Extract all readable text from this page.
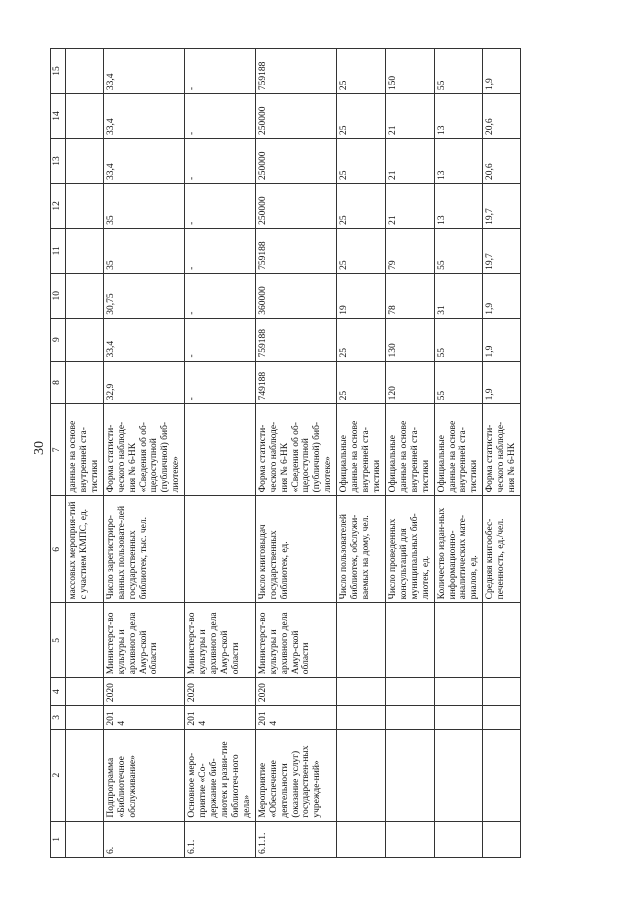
30
1	2	3	4	5	6	7	8	9	10	11	12	13	14	15
					массовых мероприя-тий с участием КМПС, ед.	данные на основе внутренней ста-тистики								
6.	Подпрограмма «Библиотечное обслуживание»	2014	2020	Министерст-во культуры и архивного дела Амур-ской области	Число зарегистриро-ванных пользовате-лей государственных библиотек, тыс. чел.	Форма статисти-ческого наблюде-ния № 6-НК «Сведения об об-щедоступной (публичной) биб-лиотеке»	32,9	33,4	30,75	35	35	33,4	33,4	33,4
6.1.	Основное меро-приятие «Со-держание биб-лиотек и разви-тие библиотеч-ного дела»	2014	2020	Министерст-во культуры и архивного дела Амур-ской области			-	-	-	-	-	-	-	-
6.1.1.	Мероприятие «Обеспечение деятельности (оказание услуг) государствен-ных учрежде-ний»	2014	2020	Министерст-во культуры и архивного дела Амур-ской области	Число книговыдач государственных библиотек, ед.	Форма статисти-ческого наблюде-ния № 6-НК «Сведения об об-щедоступной (публичной) биб-лиотеке»	749188	759188	360000	759188	250000	250000	250000	759188
					Число пользователей библиотек, обслужи-ваемых на дому, чел.	Официальные данные на основе внутренней ста-тистики	25	25	19	25	25	25	25	25
					Число проведенных консультаций для муниципальных биб-лиотек, ед.	Официальные данные на основе внутренней ста-тистики	120	130	78	79	21	21	21	150
					Количество издан-ных информационно-аналитических мате-риалов, ед.	Официальные данные на основе внутренней ста-тистики	55	55	31	55	13	13	13	55
					Средняя книгообес-печенность, ед./чел.	Форма статисти-ческого наблюде-ния № 6-НК	1,9	1,9	1,9	19,7	19,7	20,6	20,6	1,9
